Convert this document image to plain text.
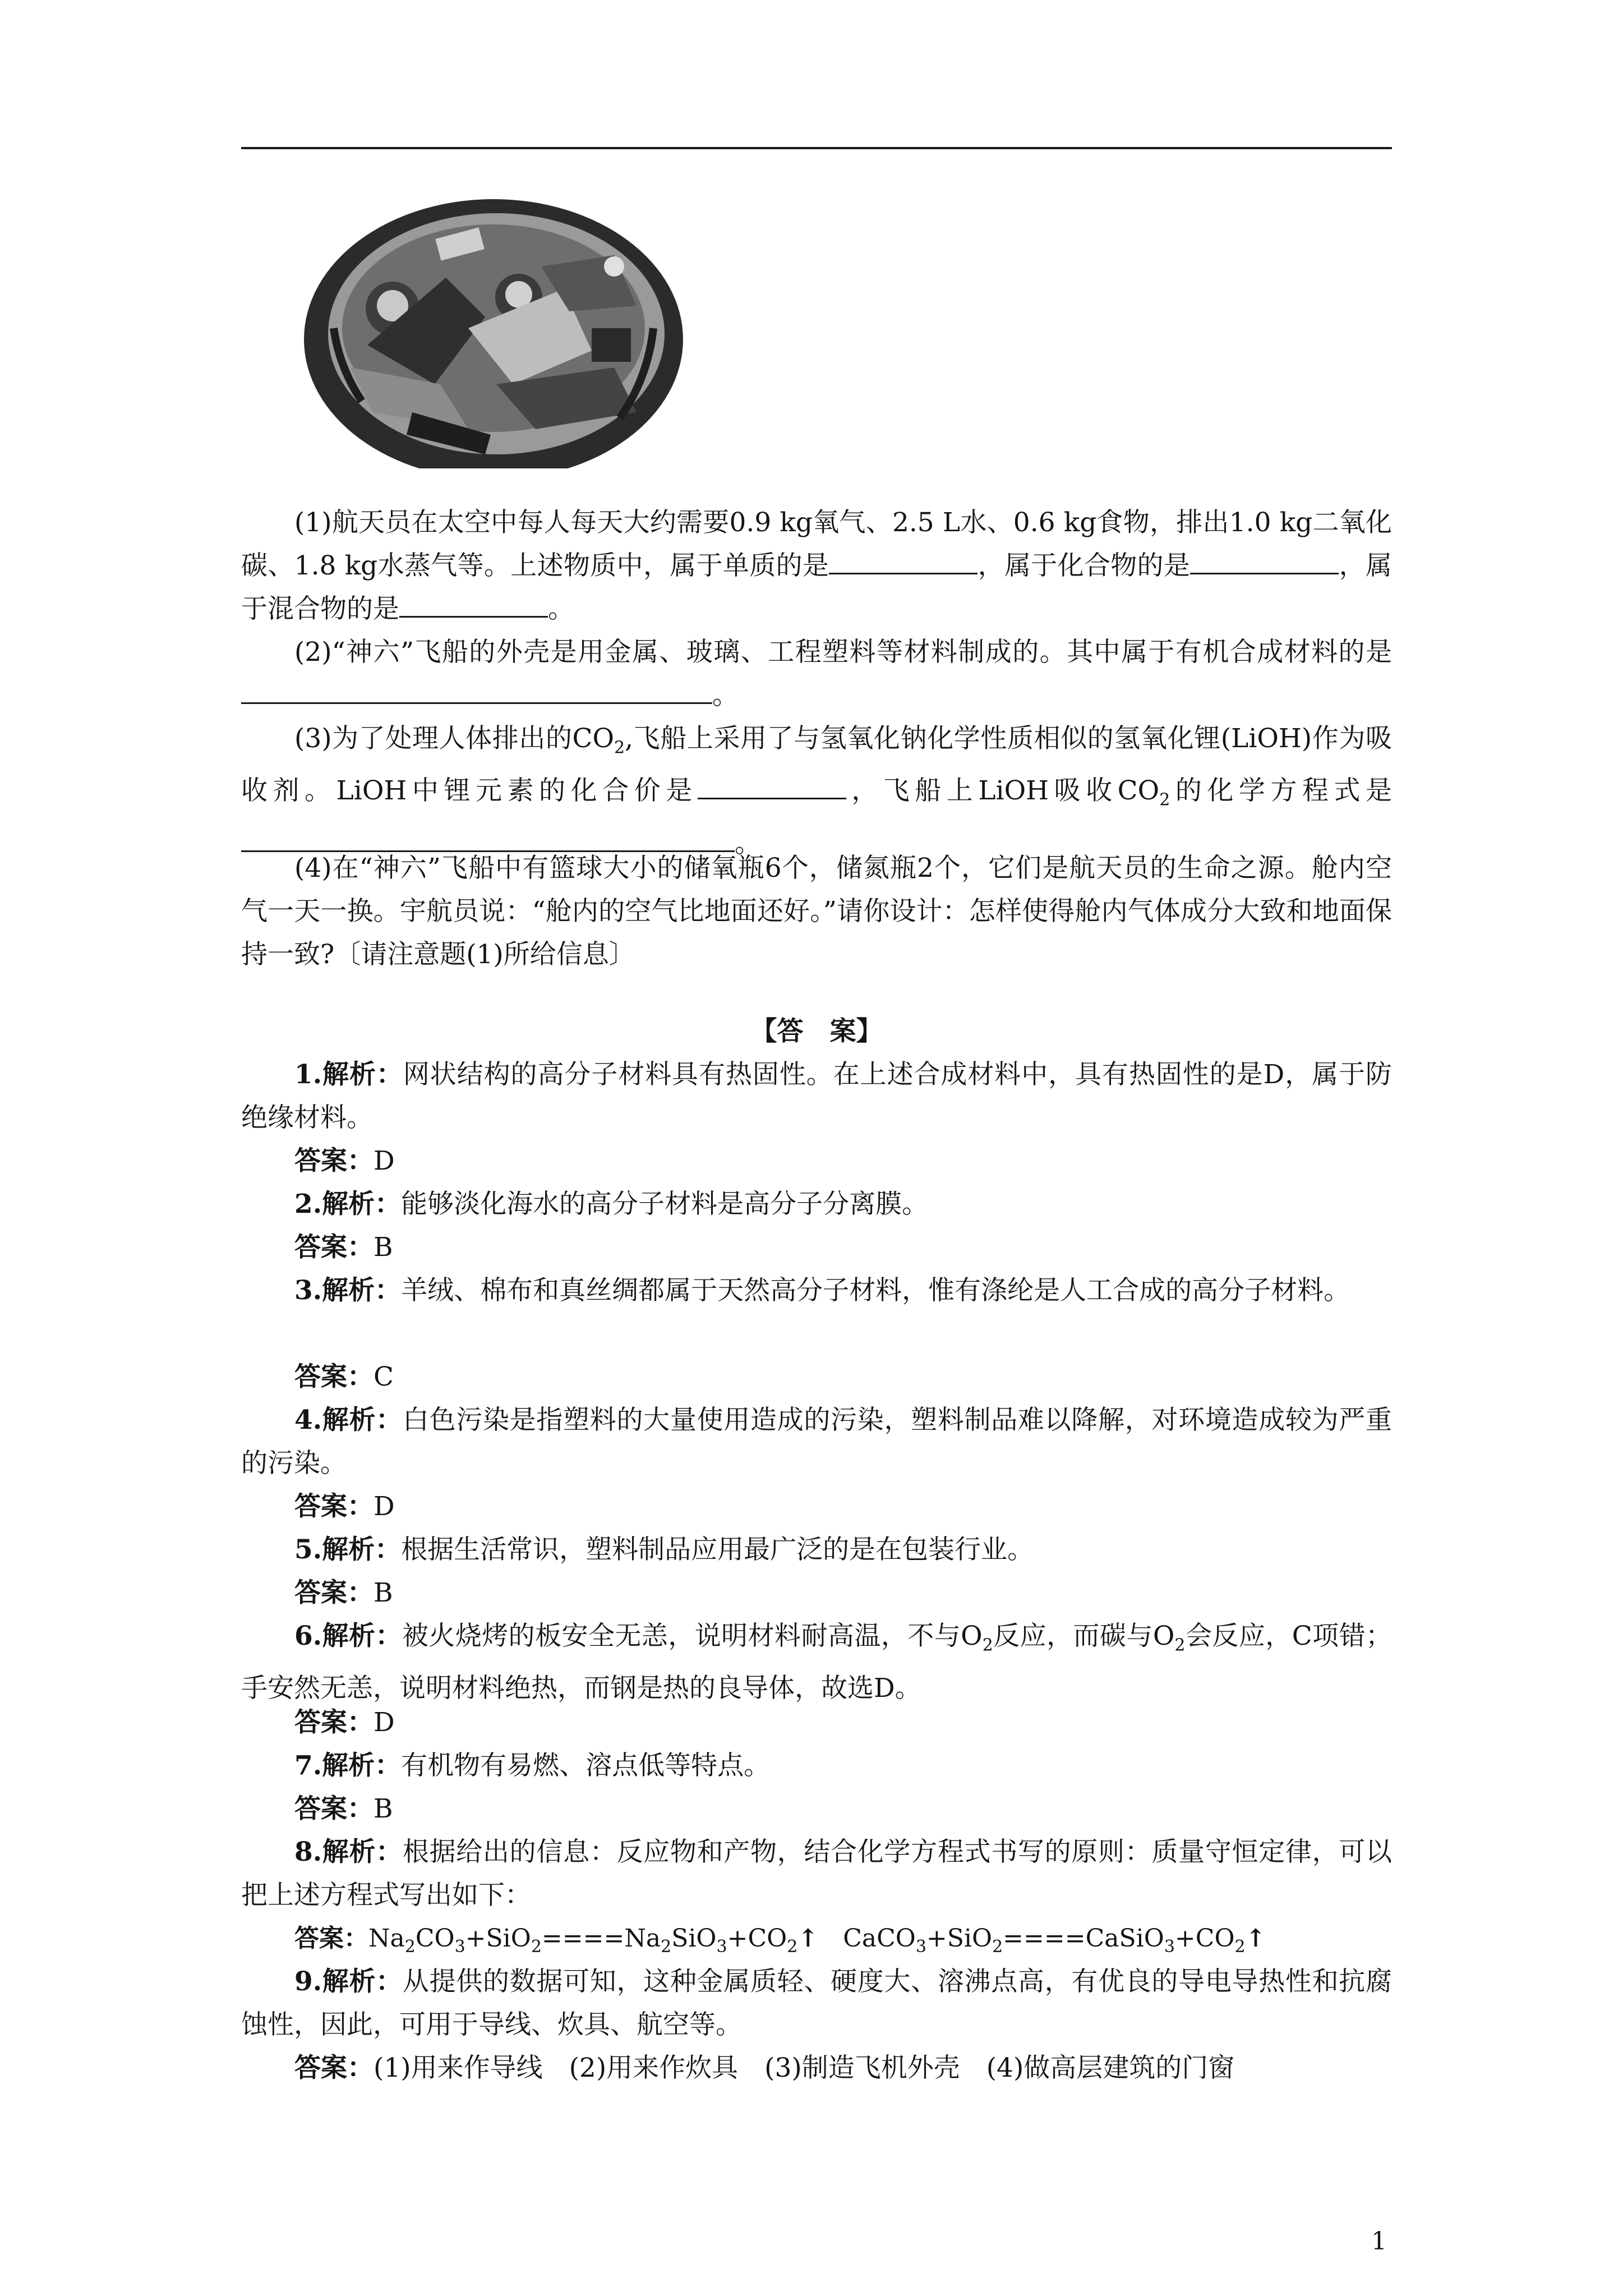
(1)航天员在太空中每人每天大约需要0.9 kg氧气、2.5 L水、0.6 kg食物，排出1.0 kg二氧化碳、1.8 kg水蒸气等。上述物质中，属于单质的是	，属于化合物的是	，属于混合物的是	。

(2)“神六”飞船的外壳是用金属、玻璃、工程塑料等材料制成的。其中属于有机合成材料的是。

(3)为了处理人体排出的$CO_2$,飞船上采用了与氢氧化钠化学性质相似的氢氧化锂(LiOH)作为吸收剂。LiOH中锂元素的化合价是	，飞船上LiOH吸收$CO_2$的化学方程式是。

(4)在“神六”飞船中有篮球大小的储氧瓶6个，储氮瓶2个，它们是航天员的生命之源。舱内空气一天一换。宇航员说：“舱内的空气比地面还好。”请你设计：怎样使得舱内气体成分大致和地面保持一致?〔请注意题(1)所给信息〕

【答　案】

1.解析：网状结构的高分子材料具有热固性。在上述合成材料中，具有热固性的是D，属于防绝缘材料。

答案：D

2.解析：能够淡化海水的高分子材料是高分子分离膜。

答案：B

3.解析：羊绒、棉布和真丝绸都属于天然高分子材料，惟有涤纶是人工合成的高分子材料。

答案：C

4.解析：白色污染是指塑料的大量使用造成的污染，塑料制品难以降解，对环境造成较为严重的污染。

答案：D

5.解析：根据生活常识，塑料制品应用最广泛的是在包装行业。

答案：B

6.解析：被火烧烤的板安全无恙，说明材料耐高温，不与$O_2$反应，而碳与$O_2$会反应，C项错；手安然无恙，说明材料绝热，而钢是热的良导体，故选D。

答案：D

7.解析：有机物有易燃、溶点低等特点。

答案：B

8.解析：根据给出的信息：反应物和产物，结合化学方程式书写的原则：质量守恒定律，可以把上述方程式写出如下：

答案：$Na_2CO_3+SiO_2====Na_2SiO_3+CO_2↑$　 $CaCO_3+SiO_2====CaSiO_3+CO_2↑$

9.解析：从提供的数据可知，这种金属质轻、硬度大、溶沸点高，有优良的导电导热性和抗腐蚀性，因此，可用于导线、炊具、航空等。

答案：(1)用来作导线　(2)用来作炊具　(3)制造飞机外壳　(4)做高层建筑的门窗

1
